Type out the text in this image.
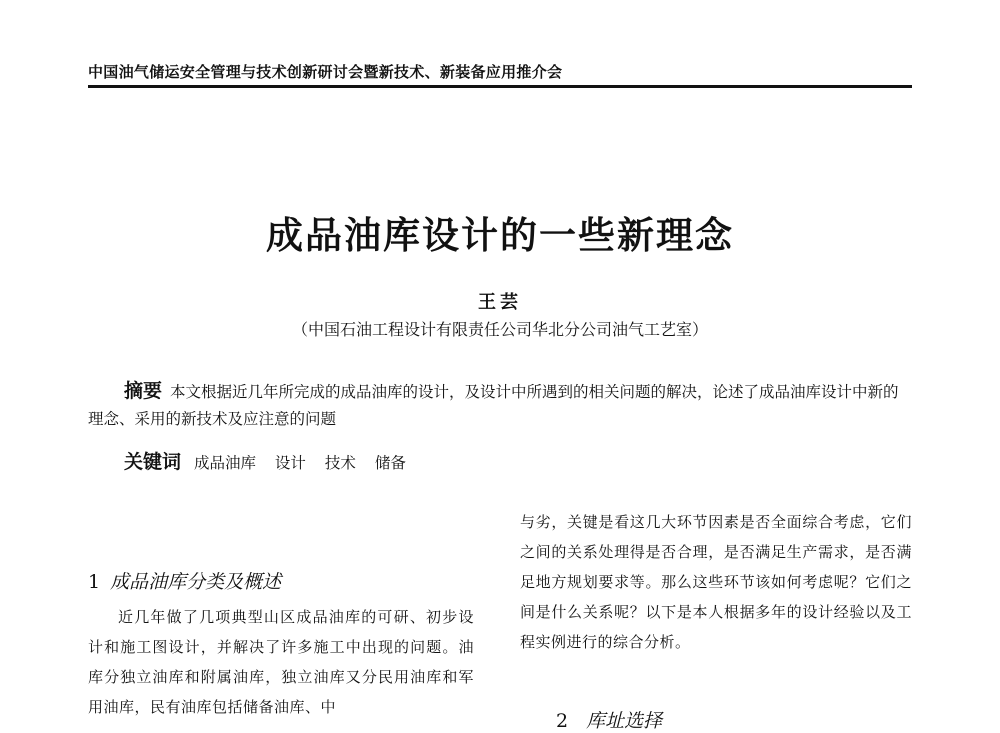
中国油气储运安全管理与技术创新研讨会暨新技术、新装备应用推介会
成品油库设计的一些新理念
王芸
（中国石油工程设计有限责任公司华北分公司油气工艺室）
摘要 本文根据近几年所完成的成品油库的设计，及设计中所遇到的相关问题的解决，论述了成品油库设计中新的理念、采用的新技术及应注意的问题
关键词 成品油库 设计 技术 储备
1 成品油库分类及概述

近几年做了几项典型山区成品油库的可研、初步设计和施工图设计，并解决了许多施工中出现的问题。油库分独立油库和附属油库，独立油库又分民用油库和军用油库，民有油库包括储备油库、中

与劣，关键是看这几大环节因素是否全面综合考虑，它们之间的关系处理得是否合理，是否满足生产需求，是否满足地方规划要求等。那么这些环节该如何考虑呢？它们之间是什么关系呢？以下是本人根据多年的设计经验以及工程实例进行的综合分析。

2 库址选择
